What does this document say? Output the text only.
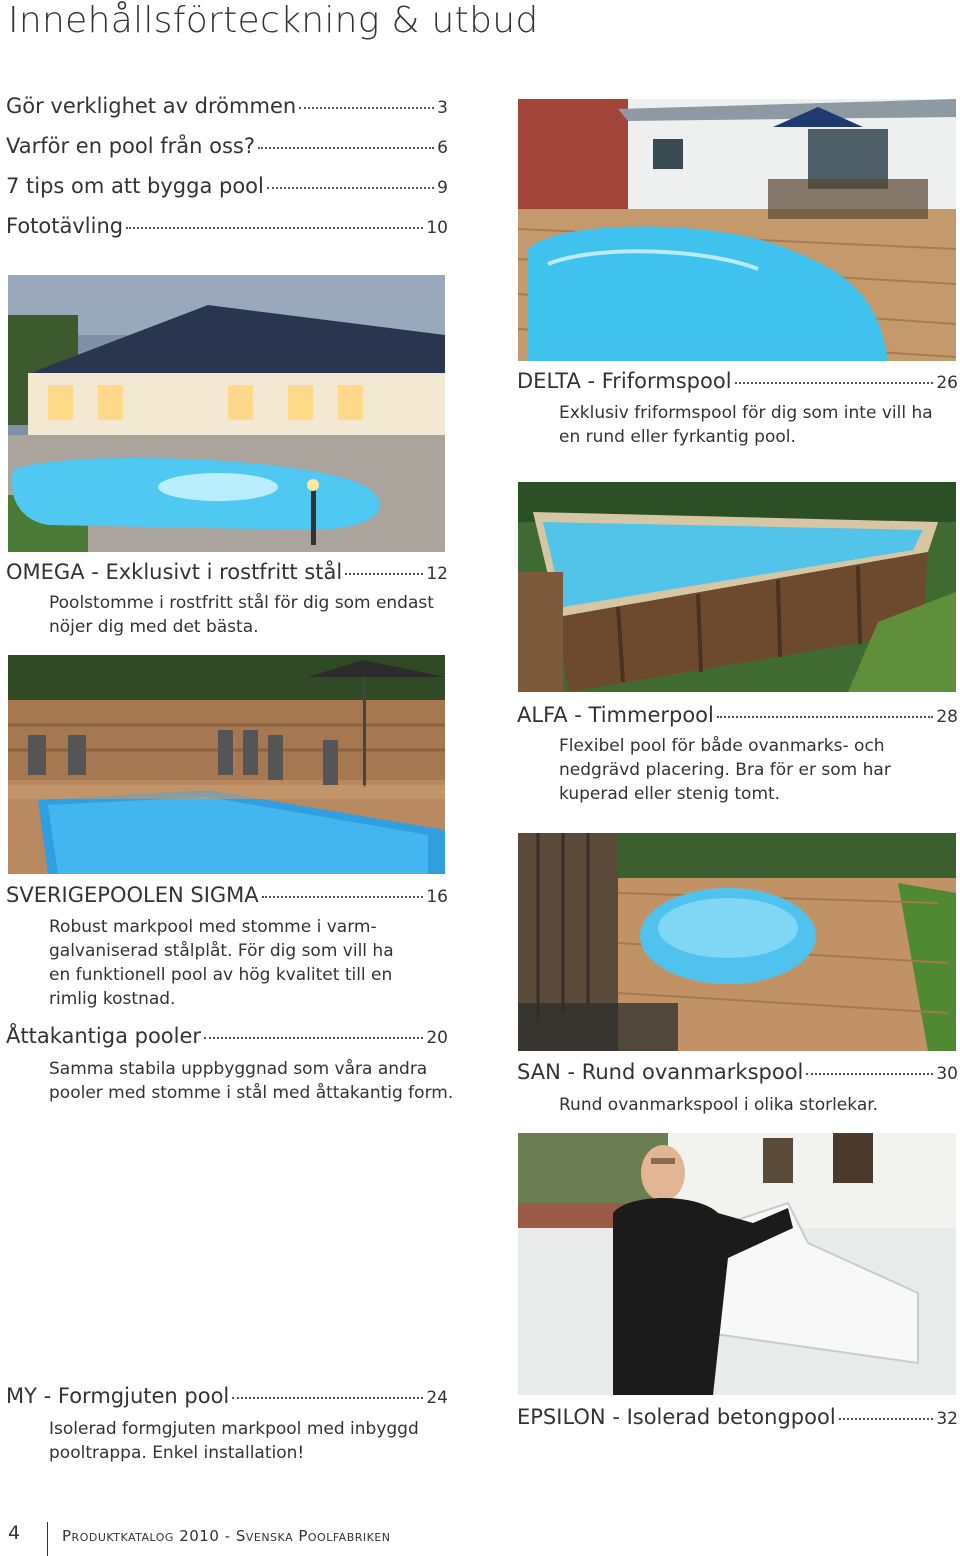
Innehållsförteckning & utbud
Gör verklighet av drömmen	3
Varför en pool från oss?	6
7 tips om att bygga pool	9
Fototävling	10
DELTA - Friformspool	26
Exklusiv friformspool för dig som inte vill ha
en rund eller fyrkantig pool.
OMEGA - Exklusivt i rostfritt stål	12
Poolstomme i rostfritt stål för dig som endast
nöjer dig med det bästa.
ALFA - Timmerpool	28
Flexibel pool för både ovanmarks- och
nedgrävd placering. Bra för er som har
kuperad eller stenig tomt.
SVERIGEPOOLEN SIGMA	16
Robust markpool med stomme i varm-
galvaniserad stålplåt. För dig som vill ha
en funktionell pool av hög kvalitet till en
rimlig kostnad.
Åttakantiga pooler	20
Samma stabila uppbyggnad som våra andra
pooler med stomme i stål med åttakantig form.
SAN - Rund ovanmarkspool	30
Rund ovanmarkspool i olika storlekar.
MY - Formgjuten pool	24
Isolerad formgjuten markpool med inbyggd
pooltrappa. Enkel installation!
EPSILON - Isolerad betongpool	32
4	Produktkatalog 2010 - Svenska Poolfabriken
